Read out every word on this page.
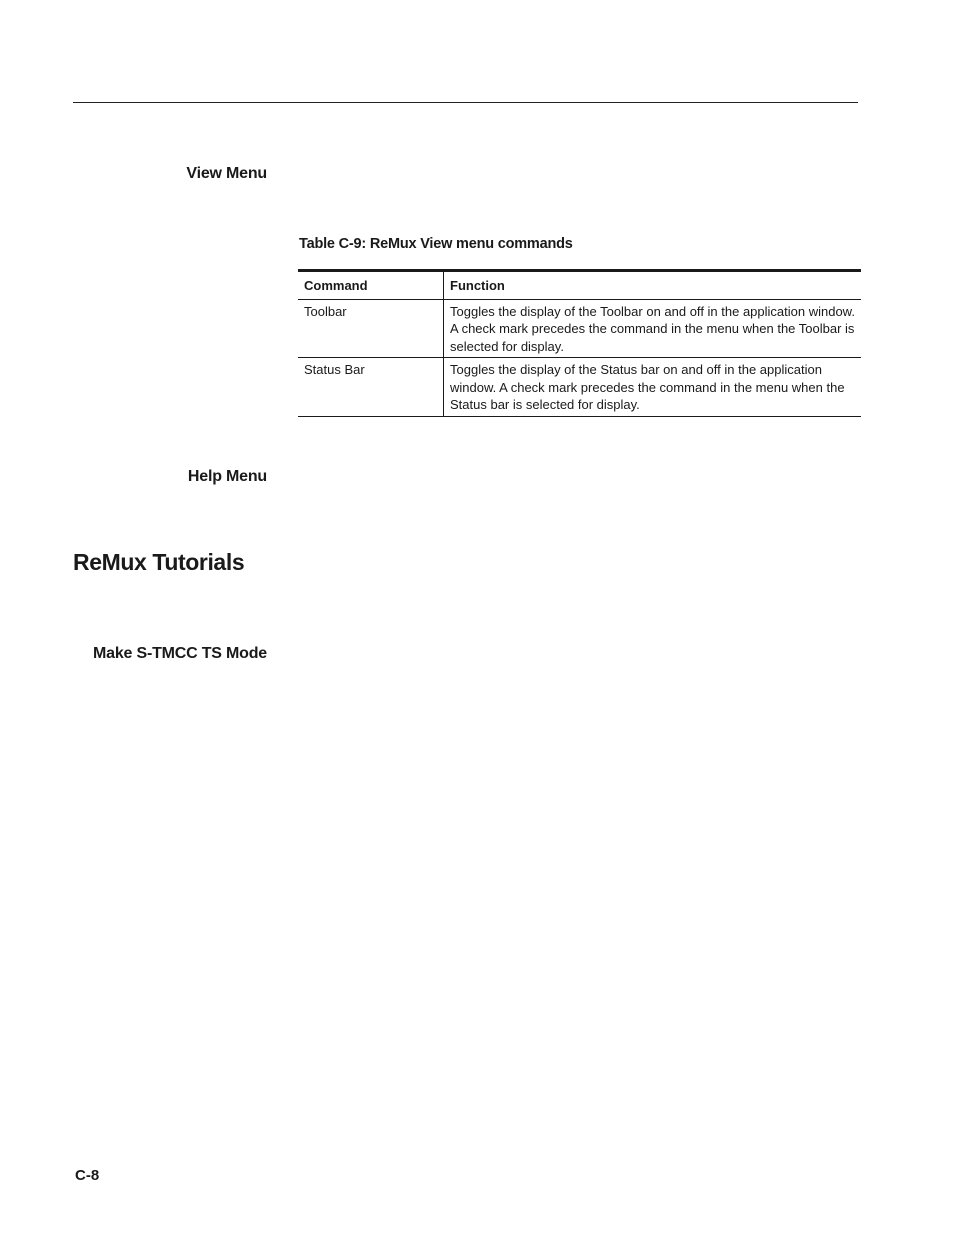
View Menu
Table C-9: ReMux View menu commands
Command	Function
Toolbar	Toggles the display of the Toolbar on and off in the application window. A check mark precedes the command in the menu when the Toolbar is selected for display.
Status Bar	Toggles the display of the Status bar on and off in the application window. A check mark precedes the command in the menu when the Status bar is selected for display.
Help Menu
ReMux Tutorials
Make S-TMCC TS Mode
C-8
